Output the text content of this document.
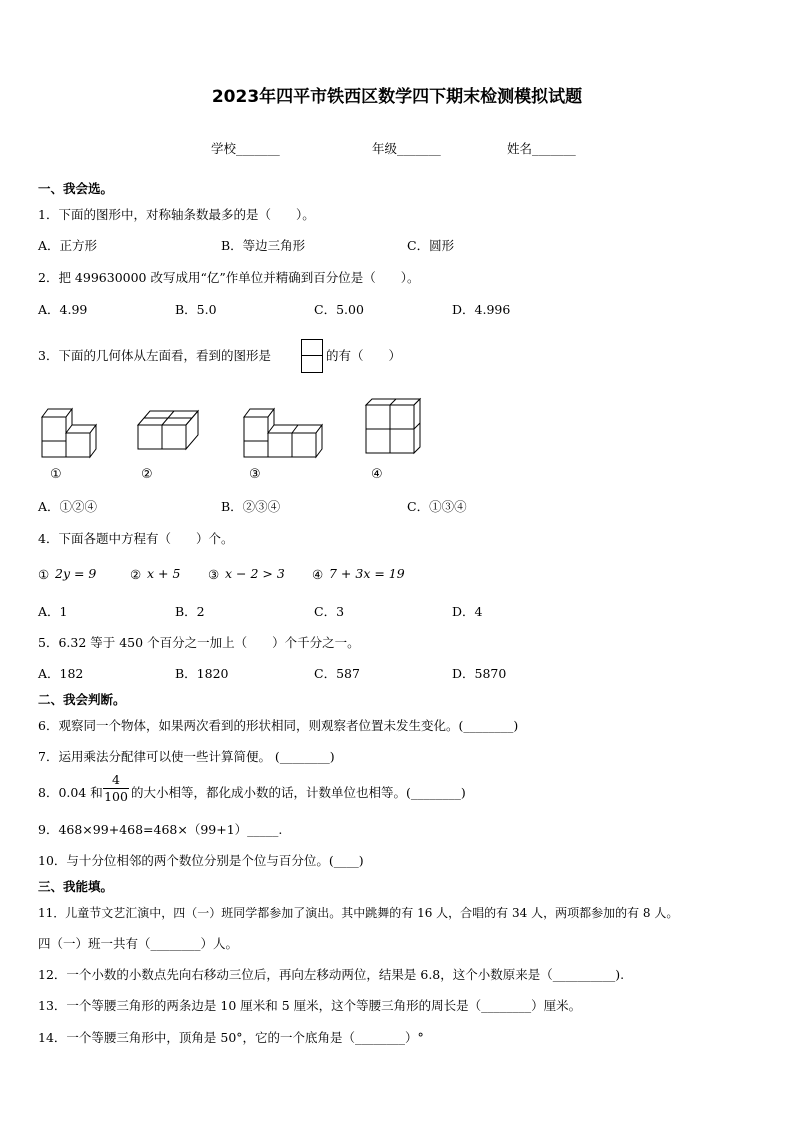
2023年四平市铁西区数学四下期末检测模拟试题
学校_______	年级_______	姓名_______
一、我会选。
1．下面的图形中，对称轴条数最多的是（　　）。
A．正方形	B．等边三角形	C．圆形
2．把 499630000 改写成用“亿”作单位并精确到百分位是（　　）。
A．4.99	B．5.0	C．5.00	D．4.996
3．下面的几何体从左面看，看到的图形是	的有（　　）
①	②	③	④
A．①②④	B．②③④	C．①③④
4．下面各题中方程有（　　）个。
① 2y = 9	② x + 5 ③ x − 2 > 3 ④ 7 + 3x = 19
A．1	B．2	C．3	D．4
5．6.32 等于 450 个百分之一加上（　　）个千分之一。
A．182	B．1820	C．587	D．5870
二、我会判断。
6．观察同一个物体，如果两次看到的形状相同，则观察者位置未发生变化。(________)
7．运用乘法分配律可以使一些计算简便。 (________)
8．0.04 和
4
100 的大小相等，都化成小数的话，计数单位也相等。(________)
9．468×99+468=468×（99+1）_____.
10．与十分位相邻的两个数位分别是个位与百分位。(____)
三、我能填。
11．儿童节文艺汇演中，四（一）班同学都参加了演出。其中跳舞的有 16 人，合唱的有 34 人，两项都参加的有 8 人。
四（一）班一共有（________）人。
12．一个小数的小数点先向右移动三位后，再向左移动两位，结果是 6.8，这个小数原来是（__________).
13．一个等腰三角形的两条边是 10 厘米和 5 厘米，这个等腰三角形的周长是（________）厘米。
14．一个等腰三角形中，顶角是 50°，它的一个底角是（________）°
